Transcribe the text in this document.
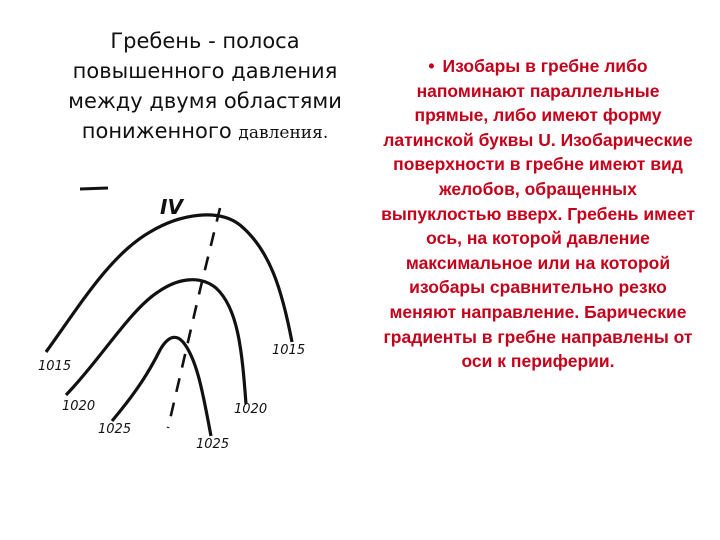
Гребень - полоса
повышенного давления
между двумя областями
пониженного давления.
IV
1015
1015
1020	1020
1025
1025
• Изобары в гребне либо напоминают параллельные прямые, либо имеют форму латинской буквы U. Изобарические поверхности в гребне имеют вид желобов, обращенных выпуклостью вверх. Гребень имеет ось, на которой давление максимальное или на которой изобары сравнительно резко меняют направление. Барические градиенты в гребне направлены от оси к периферии.
